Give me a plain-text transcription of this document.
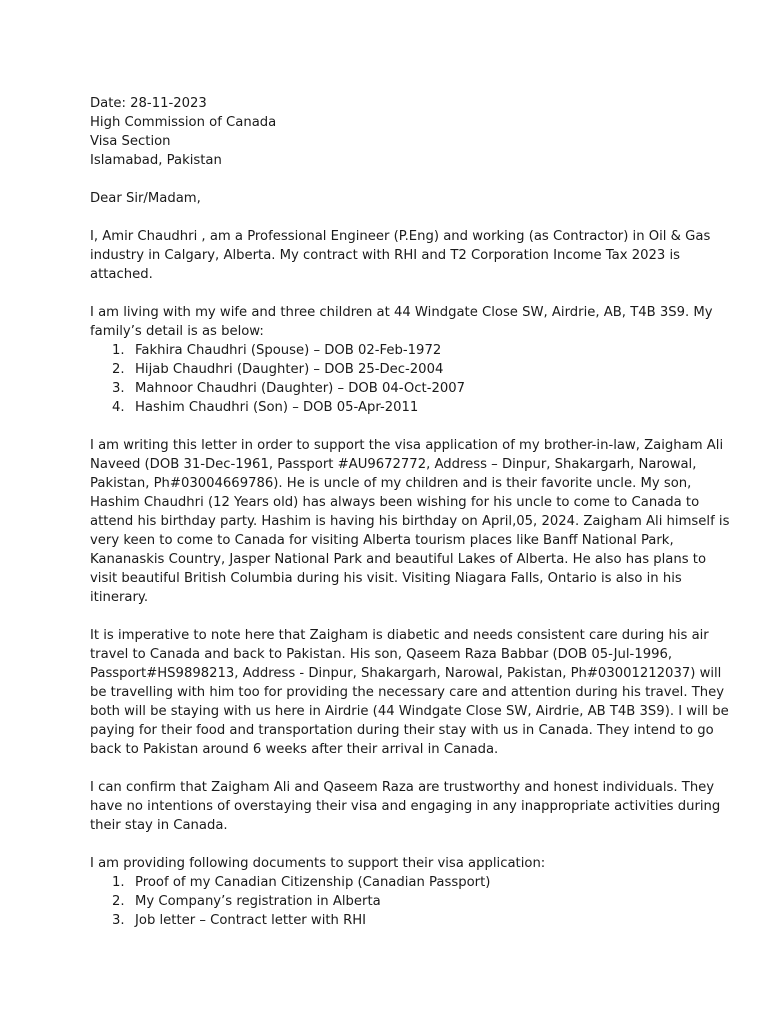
Date: 28-11-2023
High Commission of Canada
Visa Section
Islamabad, Pakistan
Dear Sir/Madam,
I, Amir Chaudhri , am a Professional Engineer (P.Eng) and working (as Contractor) in Oil & Gas
industry in Calgary, Alberta. My contract with RHI and T2 Corporation Income Tax 2023 is
attached.
I am living with my wife and three children at 44 Windgate Close SW, Airdrie, AB, T4B 3S9. My
family’s detail is as below:
1. Fakhira Chaudhri (Spouse) – DOB 02-Feb-1972
2. Hijab Chaudhri (Daughter) – DOB 25-Dec-2004
3. Mahnoor Chaudhri (Daughter) – DOB 04-Oct-2007
4. Hashim Chaudhri (Son) – DOB 05-Apr-2011
I am writing this letter in order to support the visa application of my brother-in-law, Zaigham Ali
Naveed (DOB 31-Dec-1961, Passport #AU9672772, Address – Dinpur, Shakargarh, Narowal,
Pakistan, Ph#03004669786). He is uncle of my children and is their favorite uncle. My son,
Hashim Chaudhri (12 Years old) has always been wishing for his uncle to come to Canada to
attend his birthday party. Hashim is having his birthday on April,05, 2024. Zaigham Ali himself is
very keen to come to Canada for visiting Alberta tourism places like Banff National Park,
Kananaskis Country, Jasper National Park and beautiful Lakes of Alberta. He also has plans to
visit beautiful British Columbia during his visit. Visiting Niagara Falls, Ontario is also in his
itinerary.
It is imperative to note here that Zaigham is diabetic and needs consistent care during his air
travel to Canada and back to Pakistan. His son, Qaseem Raza Babbar (DOB 05-Jul-1996,
Passport#HS9898213, Address - Dinpur, Shakargarh, Narowal, Pakistan, Ph#03001212037) will
be travelling with him too for providing the necessary care and attention during his travel. They
both will be staying with us here in Airdrie (44 Windgate Close SW, Airdrie, AB T4B 3S9). I will be
paying for their food and transportation during their stay with us in Canada. They intend to go
back to Pakistan around 6 weeks after their arrival in Canada.
I can confirm that Zaigham Ali and Qaseem Raza are trustworthy and honest individuals. They
have no intentions of overstaying their visa and engaging in any inappropriate activities during
their stay in Canada.
I am providing following documents to support their visa application:
1. Proof of my Canadian Citizenship (Canadian Passport)
2. My Company’s registration in Alberta
3. Job letter – Contract letter with RHI
